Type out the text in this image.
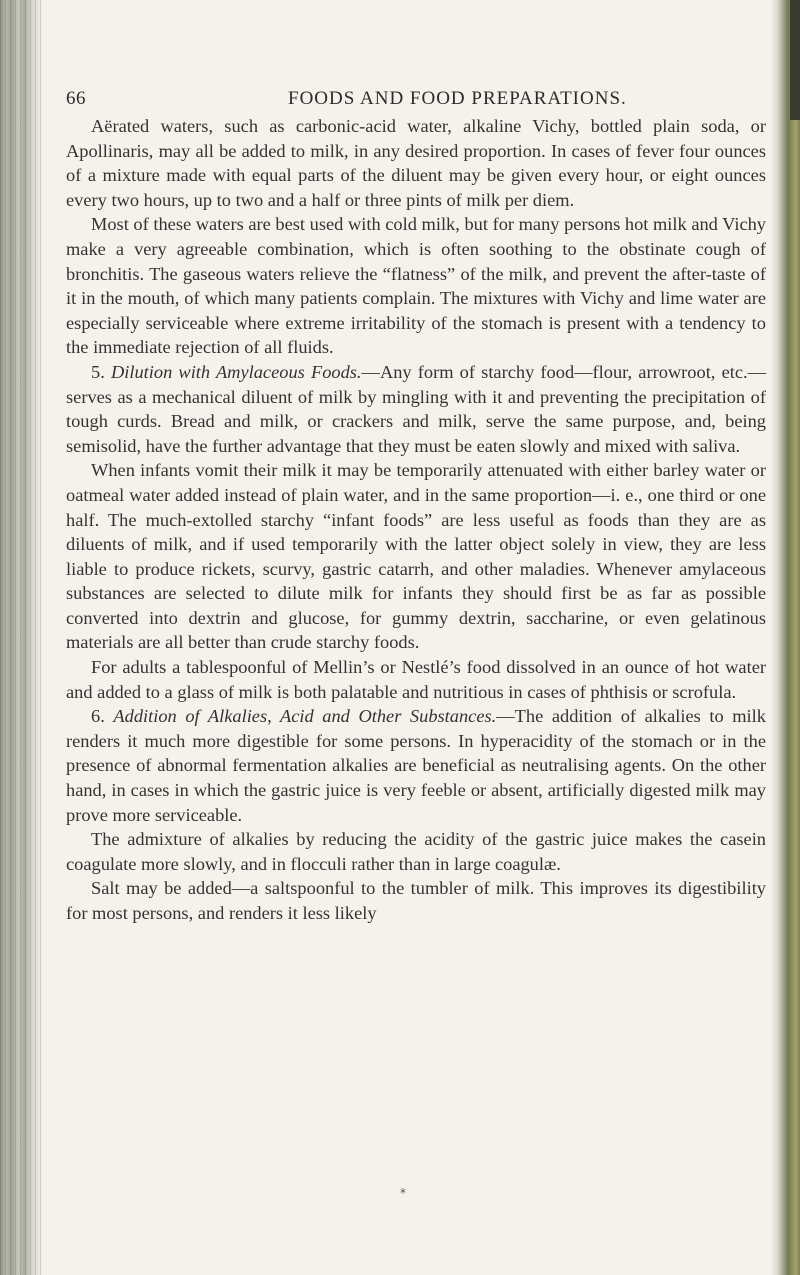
66	FOODS AND FOOD PREPARATIONS.

Aërated waters, such as carbonic-acid water, alkaline Vichy, bottled plain soda, or Apollinaris, may all be added to milk, in any desired proportion. In cases of fever four ounces of a mixture made with equal parts of the diluent may be given every hour, or eight ounces every two hours, up to two and a half or three pints of milk per diem.

Most of these waters are best used with cold milk, but for many persons hot milk and Vichy make a very agreeable combination, which is often soothing to the obstinate cough of bronchitis. The gaseous waters relieve the “flatness” of the milk, and prevent the after-taste of it in the mouth, of which many patients complain. The mixtures with Vichy and lime water are especially serviceable where extreme irritability of the stomach is present with a tendency to the immediate rejection of all fluids.

5. Dilution with Amylaceous Foods.—Any form of starchy food—flour, arrowroot, etc.—serves as a mechanical diluent of milk by mingling with it and preventing the precipitation of tough curds. Bread and milk, or crackers and milk, serve the same purpose, and, being semisolid, have the further advantage that they must be eaten slowly and mixed with saliva.

When infants vomit their milk it may be temporarily attenuated with either barley water or oatmeal water added instead of plain water, and in the same proportion—i. e., one third or one half. The much-extolled starchy “infant foods” are less useful as foods than they are as diluents of milk, and if used temporarily with the latter object solely in view, they are less liable to produce rickets, scurvy, gastric catarrh, and other maladies. Whenever amylaceous substances are selected to dilute milk for infants they should first be as far as possible converted into dextrin and glucose, for gummy dextrin, saccharine, or even gelatinous materials are all better than crude starchy foods.

For adults a tablespoonful of Mellin’s or Nestlé’s food dissolved in an ounce of hot water and added to a glass of milk is both palatable and nutritious in cases of phthisis or scrofula.

6. Addition of Alkalies, Acid and Other Substances.—The addition of alkalies to milk renders it much more digestible for some persons. In hyperacidity of the stomach or in the presence of abnormal fermentation alkalies are beneficial as neutralising agents. On the other hand, in cases in which the gastric juice is very feeble or absent, artificially digested milk may prove more serviceable.

The admixture of alkalies by reducing the acidity of the gastric juice makes the casein coagulate more slowly, and in flocculi rather than in large coagulæ.

Salt may be added—a saltspoonful to the tumbler of milk. This improves its digestibility for most persons, and renders it less likely

*
